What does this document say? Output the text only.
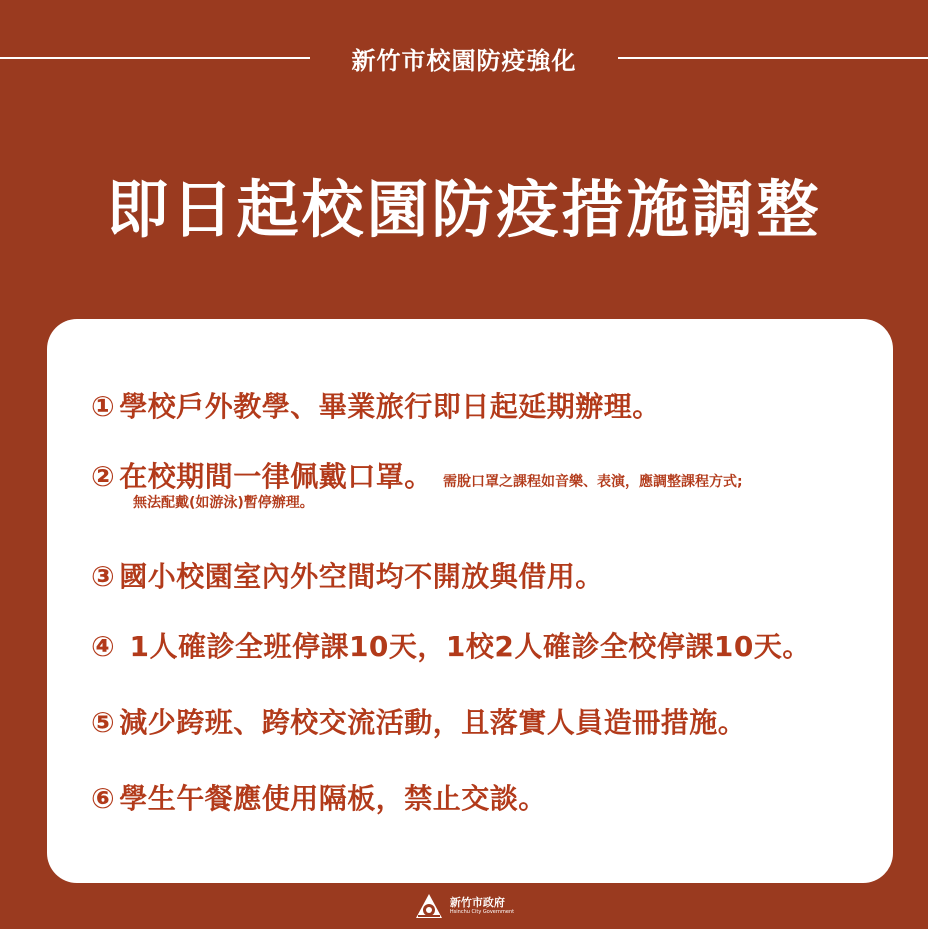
新竹市校園防疫強化
即日起校園防疫措施調整
① 學校戶外教學、畢業旅行即日起延期辦理。
② 在校期間一律佩戴口罩。 需脫口罩之課程如音樂、表演，應調整課程方式;
無法配戴(如游泳)暫停辦理。
③ 國小校園室內外空間均不開放與借用。
④ 1人確診全班停課10天，1校2人確診全校停課10天。
⑤ 減少跨班、跨校交流活動，且落實人員造冊措施。
⑥ 學生午餐應使用隔板，禁止交談。
新竹市政府
Hsinchu City Government
